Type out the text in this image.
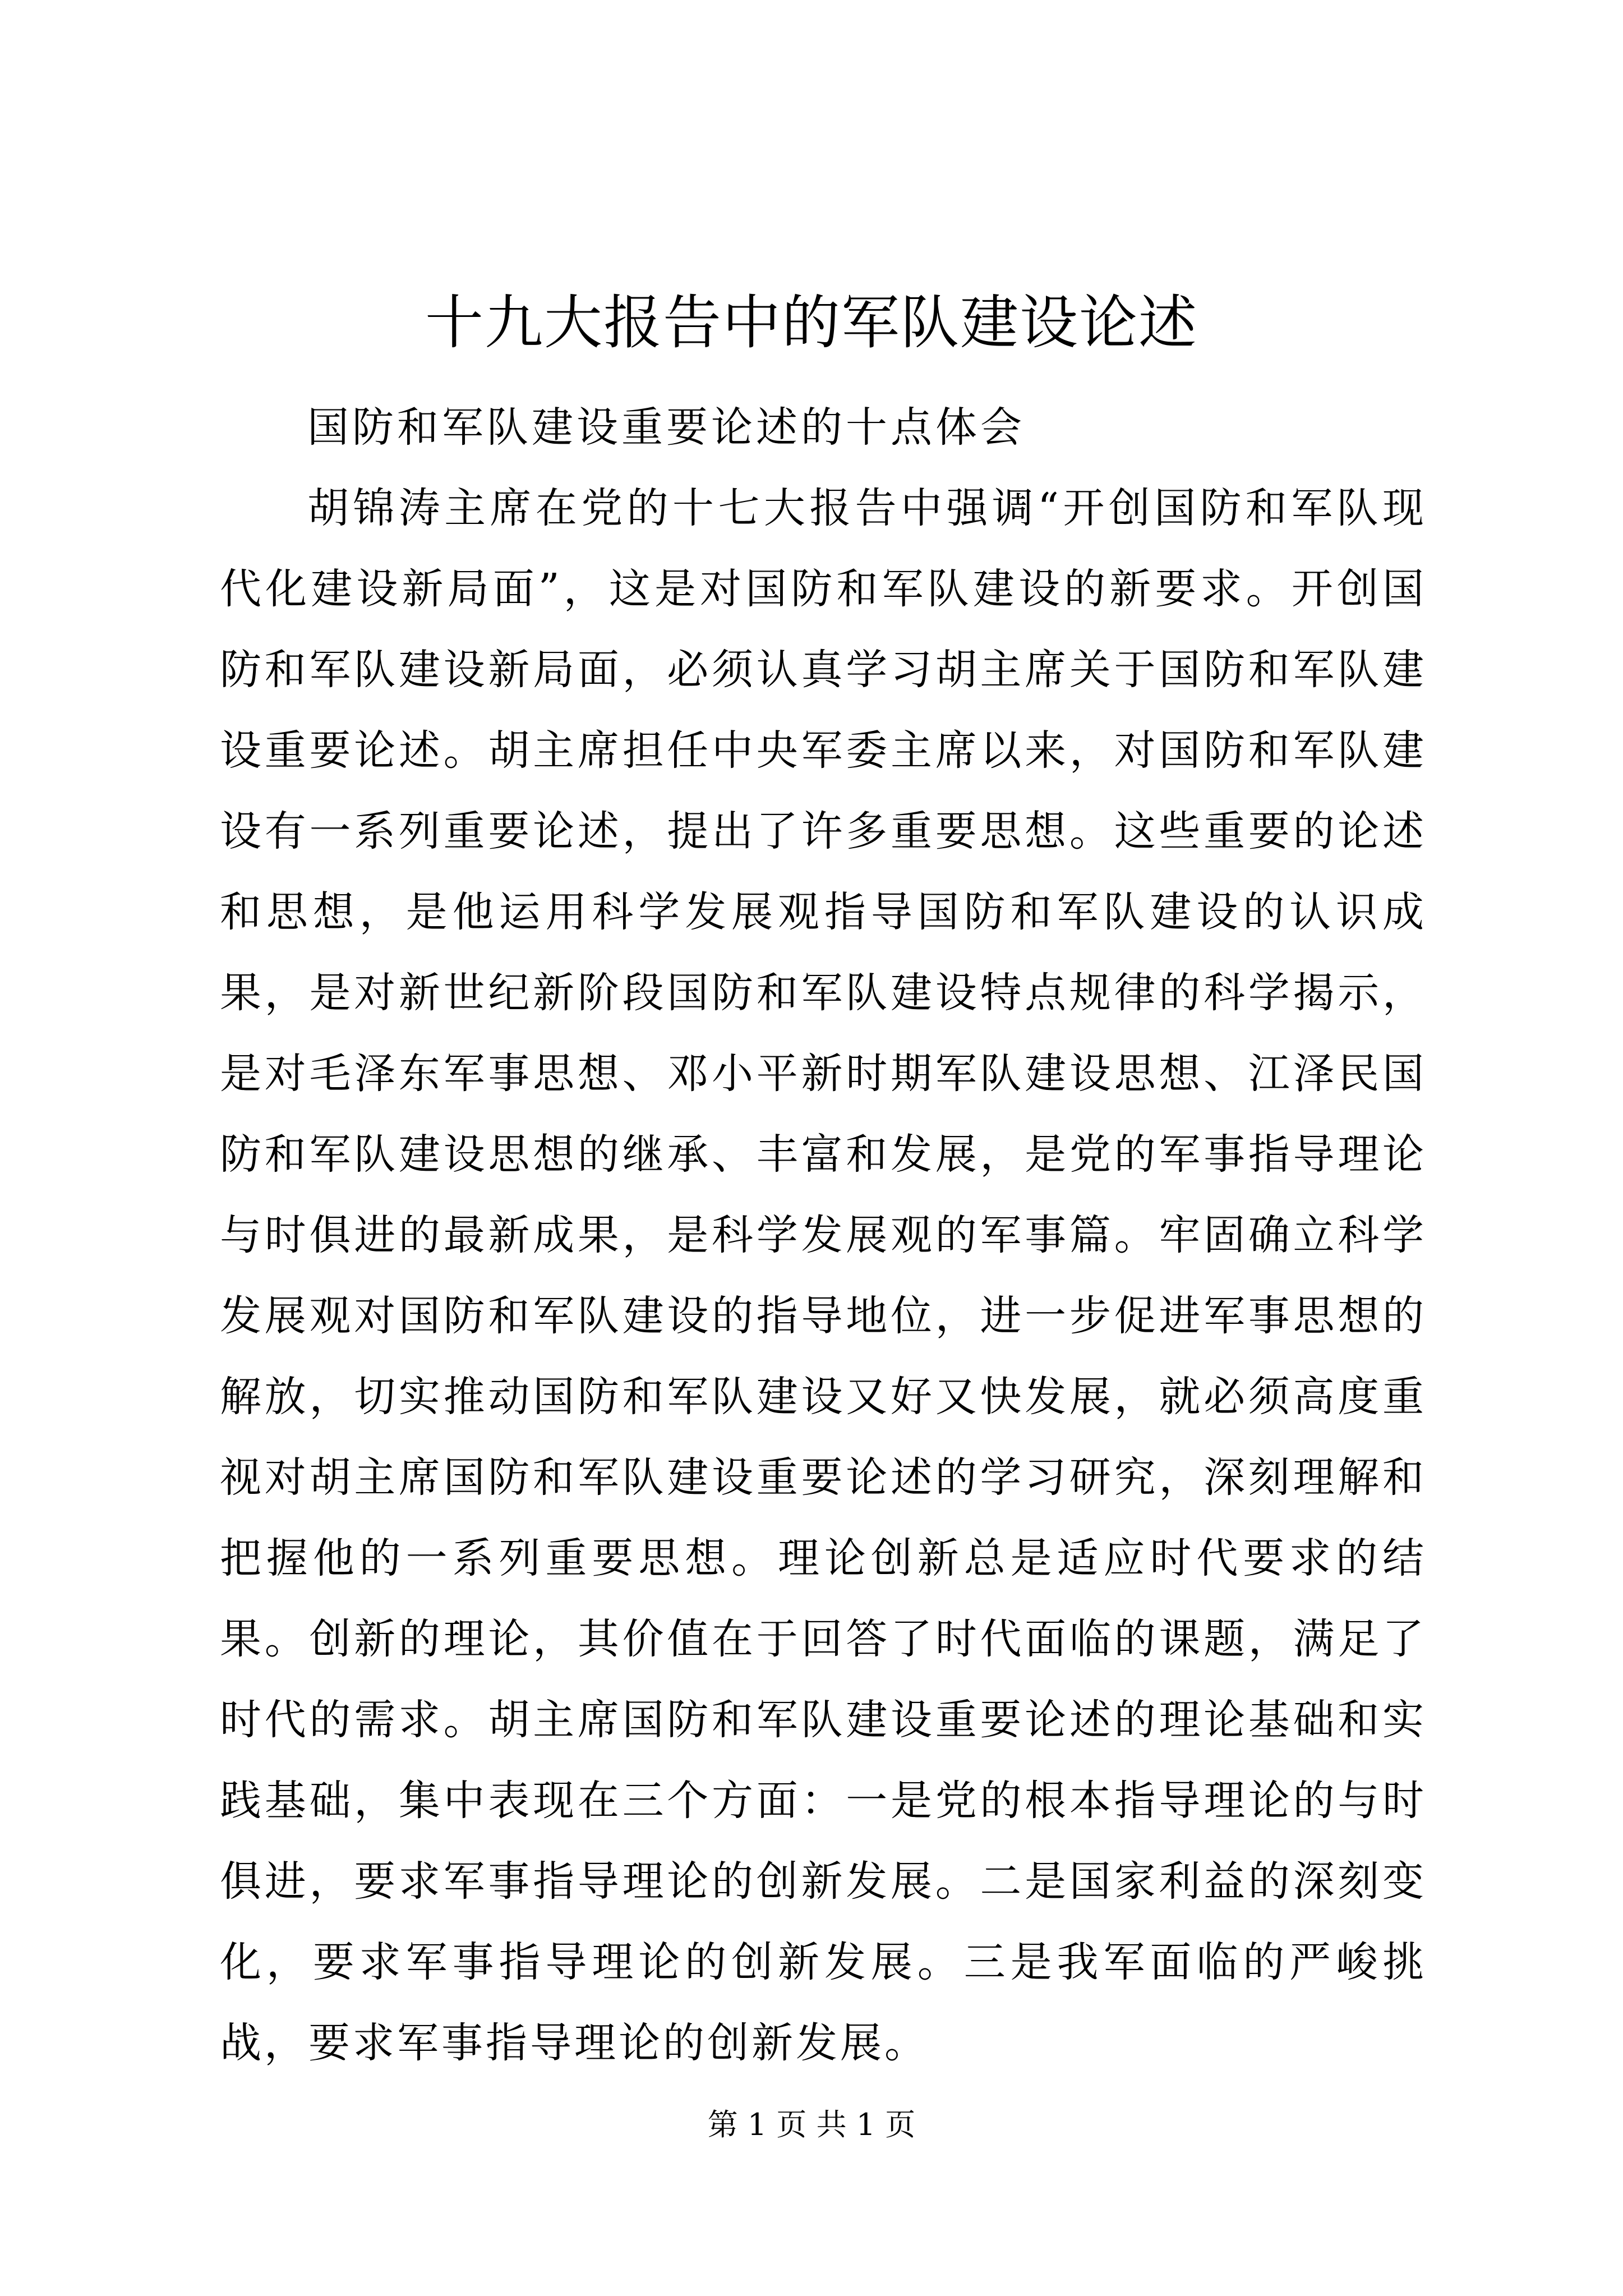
十九大报告中的军队建设论述

国防和军队建设重要论述的十点体会

胡锦涛主席在党的十七大报告中强调“开创国防和军队现代化建设新局面”，这是对国防和军队建设的新要求。开创国防和军队建设新局面，必须认真学习胡主席关于国防和军队建设重要论述。胡主席担任中央军委主席以来，对国防和军队建设有一系列重要论述，提出了许多重要思想。这些重要的论述和思想，是他运用科学发展观指导国防和军队建设的认识成果，是对新世纪新阶段国防和军队建设特点规律的科学揭示，是对毛泽东军事思想、邓小平新时期军队建设思想、江泽民国防和军队建设思想的继承、丰富和发展，是党的军事指导理论与时俱进的最新成果，是科学发展观的军事篇。牢固确立科学发展观对国防和军队建设的指导地位，进一步促进军事思想的解放，切实推动国防和军队建设又好又快发展，就必须高度重视对胡主席国防和军队建设重要论述的学习研究，深刻理解和把握他的一系列重要思想。理论创新总是适应时代要求的结果。创新的理论，其价值在于回答了时代面临的课题，满足了时代的需求。胡主席国防和军队建设重要论述的理论基础和实践基础，集中表现在三个方面：一是党的根本指导理论的与时俱进，要求军事指导理论的创新发展。二是国家利益的深刻变化，要求军事指导理论的创新发展。三是我军面临的严峻挑战，要求军事指导理论的创新发展。

第 1 页 共 1 页
